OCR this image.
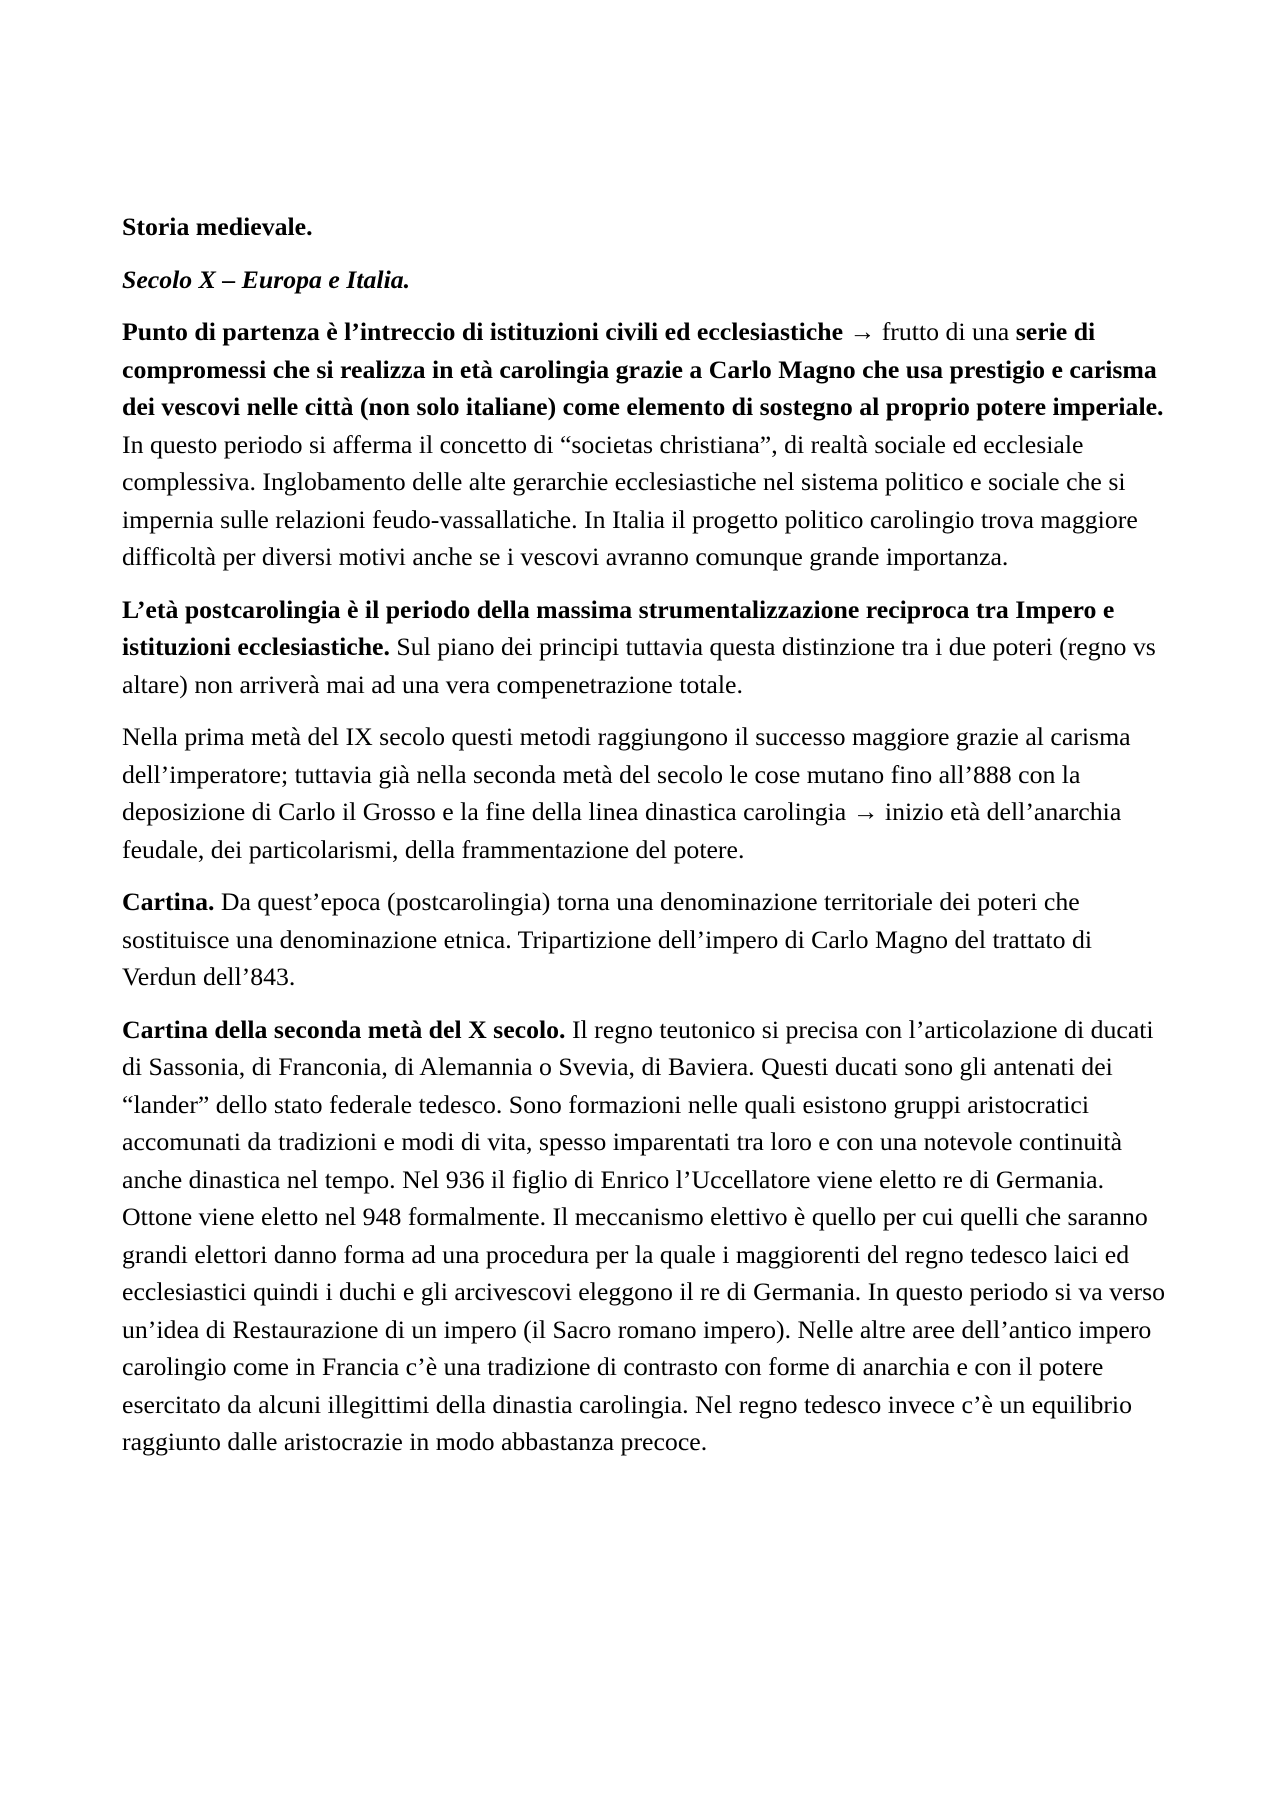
Storia medievale.

Secolo X – Europa e Italia.

Punto di partenza è l’intreccio di istituzioni civili ed ecclesiastiche → frutto di una serie di compromessi che si realizza in età carolingia grazie a Carlo Magno che usa prestigio e carisma dei vescovi nelle città (non solo italiane) come elemento di sostegno al proprio potere imperiale. In questo periodo si afferma il concetto di “societas christiana”, di realtà sociale ed ecclesiale complessiva. Inglobamento delle alte gerarchie ecclesiastiche nel sistema politico e sociale che si impernia sulle relazioni feudo-vassallatiche. In Italia il progetto politico carolingio trova maggiore difficoltà per diversi motivi anche se i vescovi avranno comunque grande importanza.

L’età postcarolingia è il periodo della massima strumentalizzazione reciproca tra Impero e istituzioni ecclesiastiche. Sul piano dei principi tuttavia questa distinzione tra i due poteri (regno vs altare) non arriverà mai ad una vera compenetrazione totale.

Nella prima metà del IX secolo questi metodi raggiungono il successo maggiore grazie al carisma dell’imperatore; tuttavia già nella seconda metà del secolo le cose mutano fino all’888 con la deposizione di Carlo il Grosso e la fine della linea dinastica carolingia → inizio età dell’anarchia feudale, dei particolarismi, della frammentazione del potere.

Cartina. Da quest’epoca (postcarolingia) torna una denominazione territoriale dei poteri che sostituisce una denominazione etnica. Tripartizione dell’impero di Carlo Magno del trattato di Verdun dell’843.

Cartina della seconda metà del X secolo. Il regno teutonico si precisa con l’articolazione di ducati di Sassonia, di Franconia, di Alemannia o Svevia, di Baviera. Questi ducati sono gli antenati dei “lander” dello stato federale tedesco. Sono formazioni nelle quali esistono gruppi aristocratici accomunati da tradizioni e modi di vita, spesso imparentati tra loro e con una notevole continuità anche dinastica nel tempo. Nel 936 il figlio di Enrico l’Uccellatore viene eletto re di Germania. Ottone viene eletto nel 948 formalmente. Il meccanismo elettivo è quello per cui quelli che saranno grandi elettori danno forma ad una procedura per la quale i maggiorenti del regno tedesco laici ed ecclesiastici quindi i duchi e gli arcivescovi eleggono il re di Germania. In questo periodo si va verso un’idea di Restaurazione di un impero (il Sacro romano impero). Nelle altre aree dell’antico impero carolingio come in Francia c’è una tradizione di contrasto con forme di anarchia e con il potere esercitato da alcuni illegittimi della dinastia carolingia. Nel regno tedesco invece c’è un equilibrio raggiunto dalle aristocrazie in modo abbastanza precoce.
